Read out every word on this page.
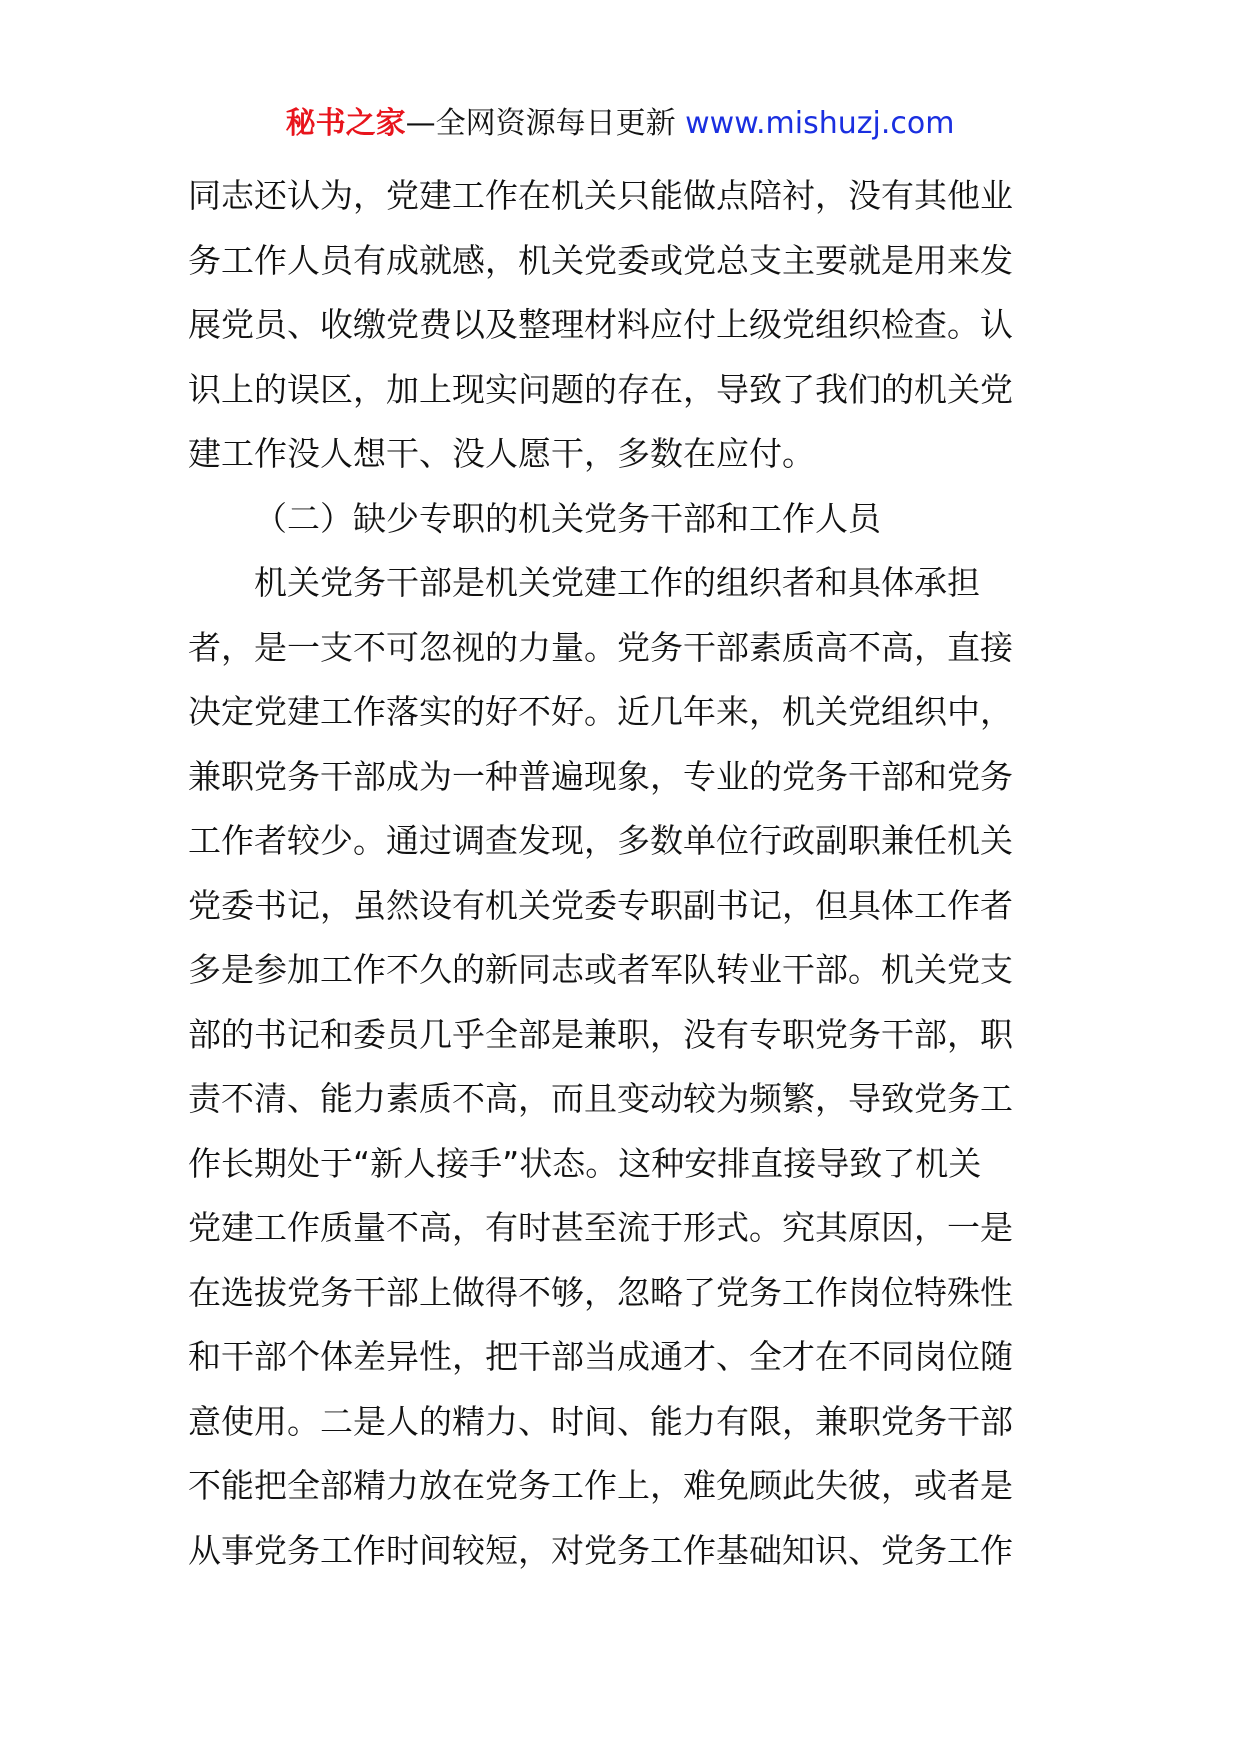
秘书之家—全网资源每日更新 www.mishuzj.com
同志还认为，党建工作在机关只能做点陪衬，没有其他业
务工作人员有成就感，机关党委或党总支主要就是用来发
展党员、收缴党费以及整理材料应付上级党组织检查。认
识上的误区，加上现实问题的存在，导致了我们的机关党
建工作没人想干、没人愿干，多数在应付。
（二）缺少专职的机关党务干部和工作人员
机关党务干部是机关党建工作的组织者和具体承担
者，是一支不可忽视的力量。党务干部素质高不高，直接
决定党建工作落实的好不好。近几年来，机关党组织中，
兼职党务干部成为一种普遍现象，专业的党务干部和党务
工作者较少。通过调查发现，多数单位行政副职兼任机关
党委书记，虽然设有机关党委专职副书记，但具体工作者
多是参加工作不久的新同志或者军队转业干部。机关党支
部的书记和委员几乎全部是兼职，没有专职党务干部，职
责不清、能力素质不高，而且变动较为频繁，导致党务工
作长期处于“新人接手”状态。这种安排直接导致了机关
党建工作质量不高，有时甚至流于形式。究其原因，一是
在选拔党务干部上做得不够，忽略了党务工作岗位特殊性
和干部个体差异性，把干部当成通才、全才在不同岗位随
意使用。二是人的精力、时间、能力有限，兼职党务干部
不能把全部精力放在党务工作上，难免顾此失彼，或者是
从事党务工作时间较短，对党务工作基础知识、党务工作
